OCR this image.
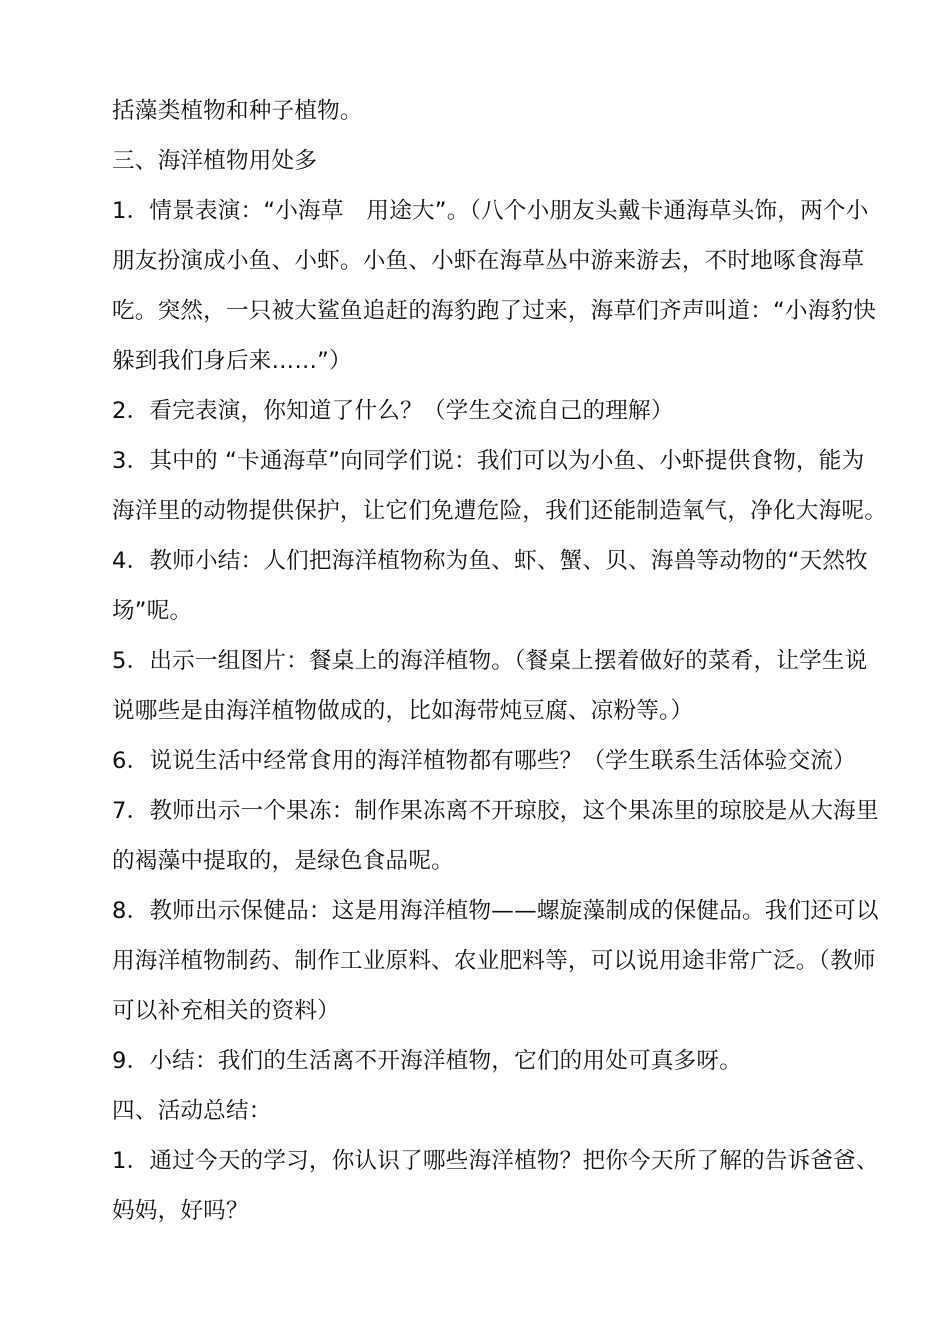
括藻类植物和种子植物。
三、海洋植物用处多
1．情景表演：“小海草　用途大”。（八个小朋友头戴卡通海草头饰，两个小
朋友扮演成小鱼、小虾。小鱼、小虾在海草丛中游来游去，不时地啄食海草
吃。突然，一只被大鲨鱼追赶的海豹跑了过来，海草们齐声叫道：“小海豹快
躲到我们身后来……”）
2．看完表演，你知道了什么？（学生交流自己的理解）
3．其中的 “卡通海草”向同学们说：我们可以为小鱼、小虾提供食物，能为
海洋里的动物提供保护，让它们免遭危险，我们还能制造氧气，净化大海呢。
4．教师小结：人们把海洋植物称为鱼、虾、蟹、贝、海兽等动物的“天然牧
场”呢。
5．出示一组图片：餐桌上的海洋植物。（餐桌上摆着做好的菜肴，让学生说
说哪些是由海洋植物做成的，比如海带炖豆腐、凉粉等。）
6．说说生活中经常食用的海洋植物都有哪些？（学生联系生活体验交流）
7．教师出示一个果冻：制作果冻离不开琼胶，这个果冻里的琼胶是从大海里
的褐藻中提取的，是绿色食品呢。
8．教师出示保健品：这是用海洋植物——螺旋藻制成的保健品。我们还可以
用海洋植物制药、制作工业原料、农业肥料等，可以说用途非常广泛。（教师
可以补充相关的资料）
9．小结：我们的生活离不开海洋植物，它们的用处可真多呀。
四、活动总结：
1．通过今天的学习，你认识了哪些海洋植物？把你今天所了解的告诉爸爸、
妈妈，好吗？
